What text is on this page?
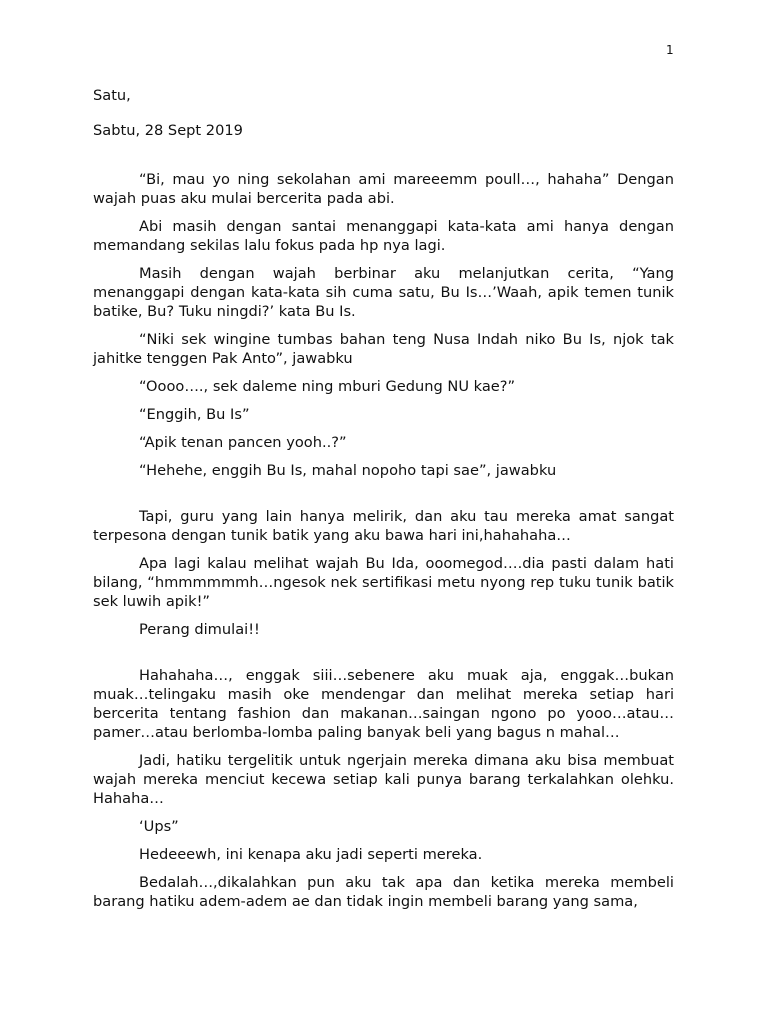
1

Satu,

Sabtu, 28 Sept 2019

“Bi, mau yo ning sekolahan ami mareeemm poull…, hahaha” Dengan wajah puas aku mulai bercerita pada abi.

Abi masih dengan santai menanggapi kata-kata ami hanya dengan memandang sekilas lalu fokus pada hp nya lagi.

Masih dengan wajah berbinar aku melanjutkan cerita, “Yang menanggapi dengan kata-kata sih cuma satu, Bu Is…’Waah, apik temen tunik batike, Bu? Tuku ningdi?’ kata Bu Is.

“Niki sek wingine tumbas bahan teng Nusa Indah niko Bu Is, njok tak jahitke tenggen Pak Anto”, jawabku

“Oooo…., sek daleme ning mburi Gedung NU kae?”

“Enggih, Bu Is”

“Apik tenan pancen yooh..?”

“Hehehe, enggih Bu Is, mahal nopoho tapi sae”, jawabku

Tapi, guru yang lain hanya melirik, dan aku tau mereka amat sangat terpesona dengan tunik batik yang aku bawa hari ini,hahahaha…

Apa lagi kalau melihat wajah Bu Ida, ooomegod….dia pasti dalam hati bilang, “hmmmmmmh…ngesok nek sertifikasi metu nyong rep tuku tunik batik sek luwih apik!”

Perang dimulai!!

Hahahaha…, enggak siii…sebenere aku muak aja, enggak…bukan muak…telingaku masih oke mendengar dan melihat mereka setiap hari bercerita tentang fashion dan makanan…saingan ngono po yooo…atau…pamer…atau berlomba-lomba paling banyak beli yang bagus n mahal…

Jadi, hatiku tergelitik untuk ngerjain mereka dimana aku bisa membuat wajah mereka menciut kecewa setiap kali punya barang terkalahkan olehku. Hahaha…

‘Ups”

Hedeeewh, ini kenapa aku jadi seperti mereka.

Bedalah…,dikalahkan pun aku tak apa dan ketika mereka membeli barang hatiku adem-adem ae dan tidak ingin membeli barang yang sama,
